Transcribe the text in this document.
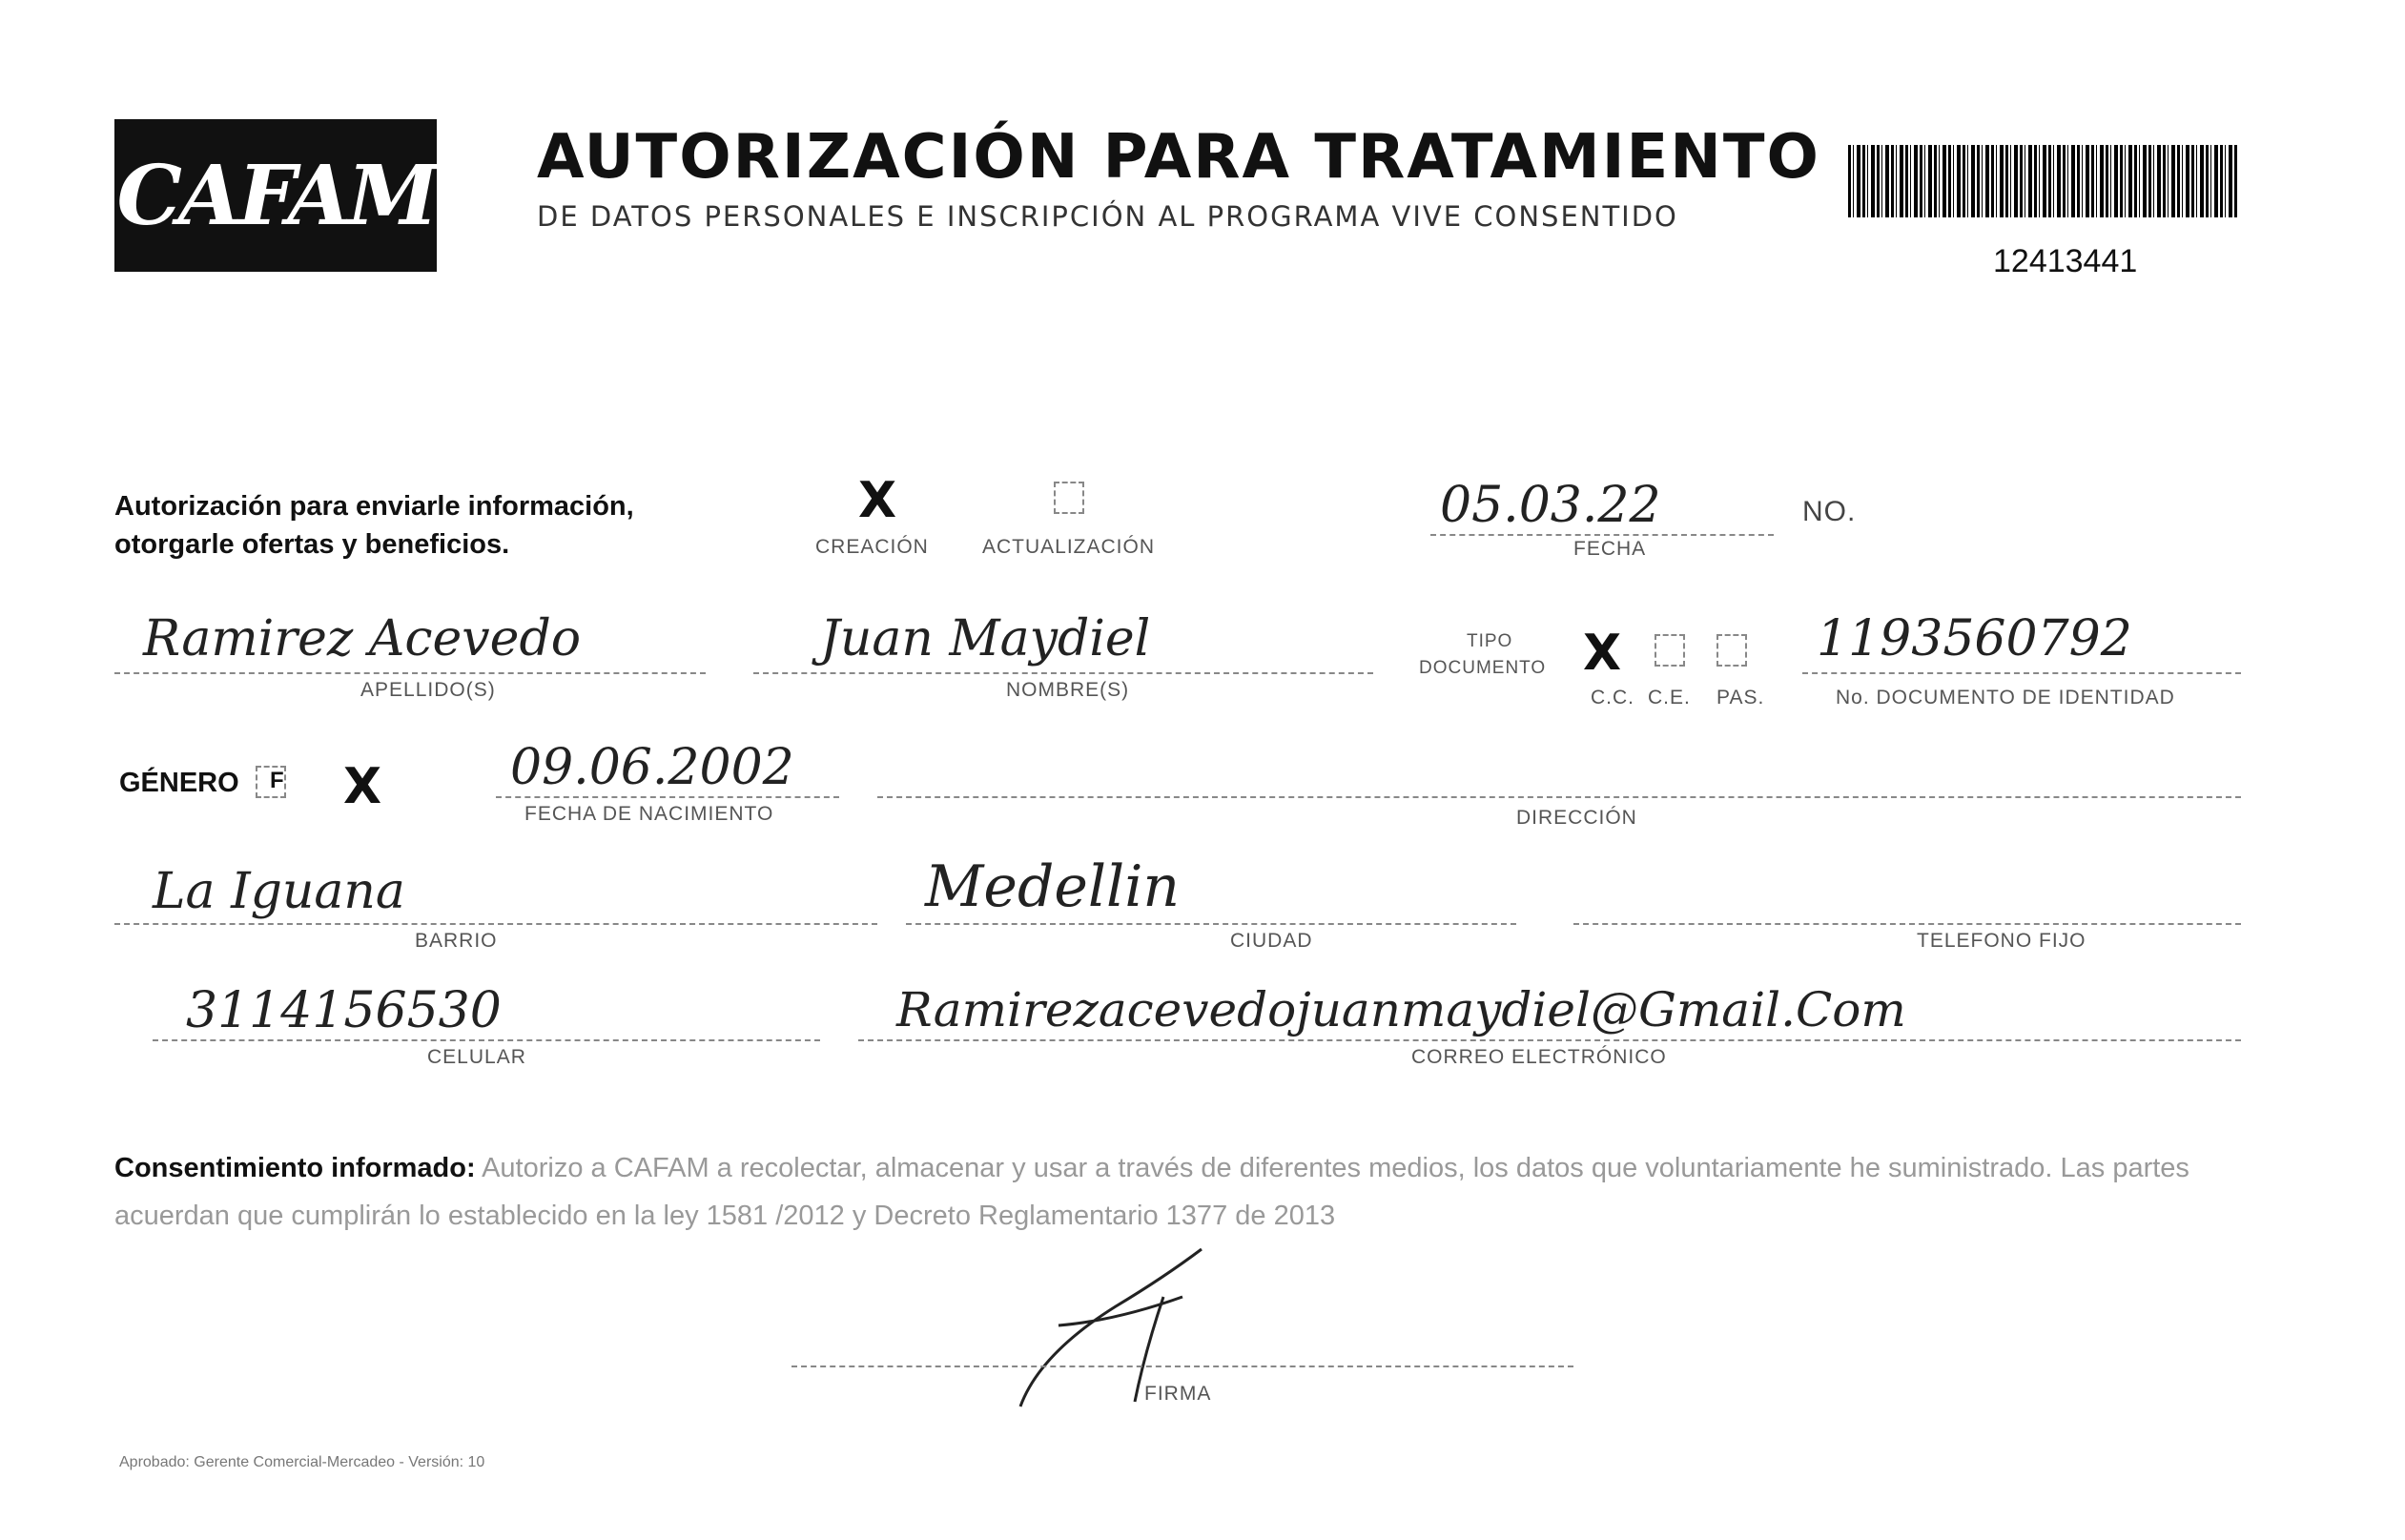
CAFAM AUTORIZACIÓN PARA TRATAMIENTO
DE DATOS PERSONALES E INSCRIPCIÓN AL PROGRAMA VIVE CONSENTIDO
12413441
Autorización para enviarle información,
otorgarle ofertas y beneficios.
X
CREACIÓN	ACTUALIZACIÓN
05.03.22
FECHA
NO.
Ramirez Acevedo
APELLIDO(S)
Juan Maydiel
NOMBRE(S)
TIPO
DOCUMENTO X
C.C. C.E. PAS.
1193560792
No. DOCUMENTO DE IDENTIDAD
GÉNERO F X	09.06.2002
FECHA DE NACIMIENTO	DIRECCIÓN
La Iguana
BARRIO
Medellin
CIUDAD	TELEFONO FIJO
3114156530
CELULAR
Ramirezacevedojuanmaydiel@Gmail.Com
CORREO ELECTRÓNICO
Consentimiento informado: Autorizo a CAFAM a recolectar, almacenar y usar a través de diferentes medios, los datos que voluntariamente he suministrado. Las partes acuerdan que cumplirán lo establecido en la ley 1581 /2012 y Decreto Reglamentario 1377 de 2013
FIRMA
Aprobado: Gerente Comercial-Mercadeo - Versión: 10
